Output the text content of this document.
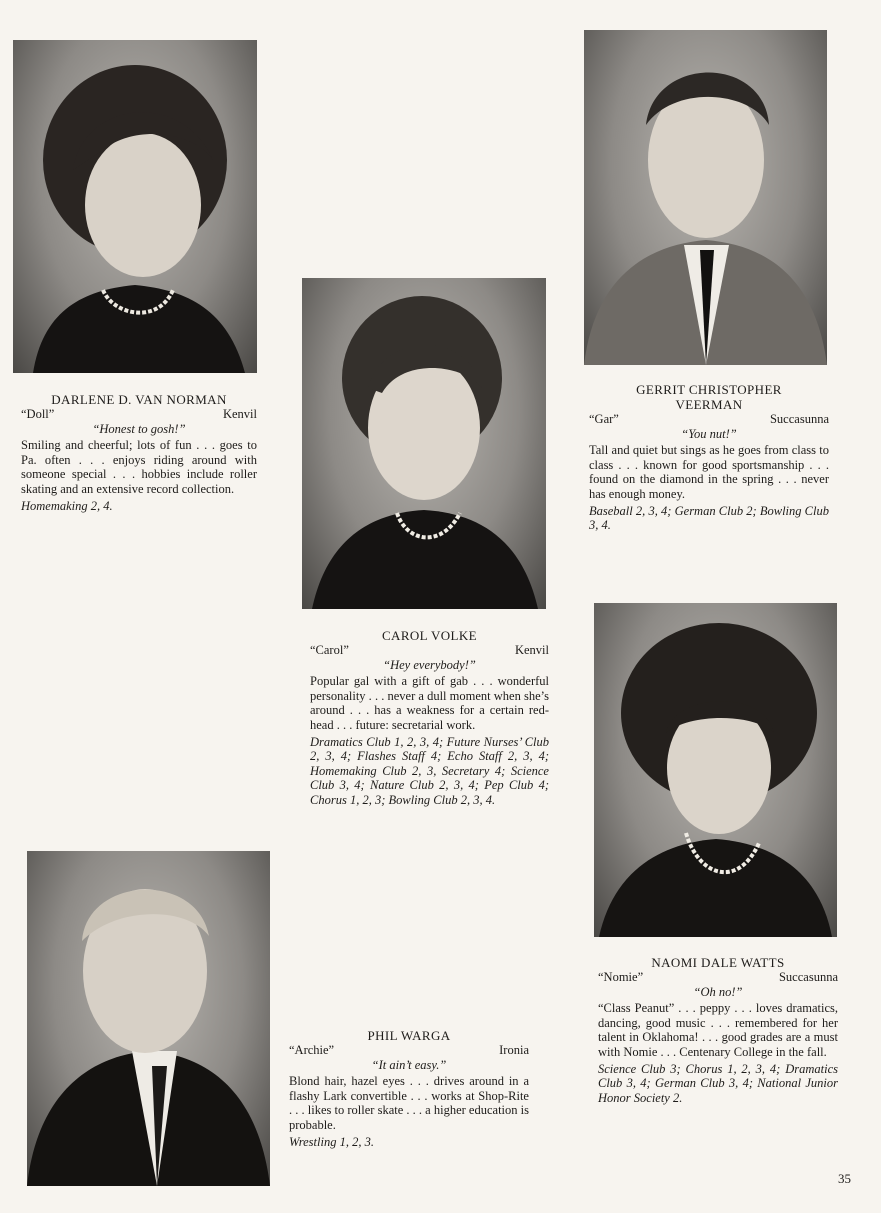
DARLENE D. VAN NORMAN
“Doll”	Kenvil
“Honest to gosh!”
Smiling and cheerful; lots of fun . . . goes to Pa. often . . . enjoys riding around with someone special . . . hobbies include roller skating and an extensive record collection.
Homemaking 2, 4.
CAROL VOLKE
“Carol”	Kenvil
“Hey everybody!”
Popular gal with a gift of gab . . . wonderful personality . . . never a dull moment when she’s around . . . has a weakness for a certain red-head . . . future: secretarial work.
Dramatics Club 1, 2, 3, 4; Future Nurses’ Club 2, 3, 4; Flashes Staff 4; Echo Staff 2, 3, 4; Homemaking Club 2, 3, Secretary 4; Science Club 3, 4; Nature Club 2, 3, 4; Pep Club 4; Chorus 1, 2, 3; Bowling Club 2, 3, 4.
GERRIT CHRISTOPHER VEERMAN
“Gar”	Succasunna
“You nut!”
Tall and quiet but sings as he goes from class to class . . . known for good sportsmanship . . . found on the diamond in the spring . . . never has enough money.
Baseball 2, 3, 4; German Club 2; Bowling Club 3, 4.
NAOMI DALE WATTS
“Nomie”	Succasunna
“Oh no!”
“Class Peanut” . . . peppy . . . loves dramatics, dancing, good music . . . remembered for her talent in Oklahoma! . . . good grades are a must with Nomie . . . Centenary College in the fall.
Science Club 3; Chorus 1, 2, 3, 4; Dramatics Club 3, 4; German Club 3, 4; National Junior Honor Society 2.
PHIL WARGA
“Archie”	Ironia
“It ain’t easy.”
Blond hair, hazel eyes . . . drives around in a flashy Lark convertible . . . works at Shop-Rite . . . likes to roller skate . . . a higher education is probable.
Wrestling 1, 2, 3.
35
